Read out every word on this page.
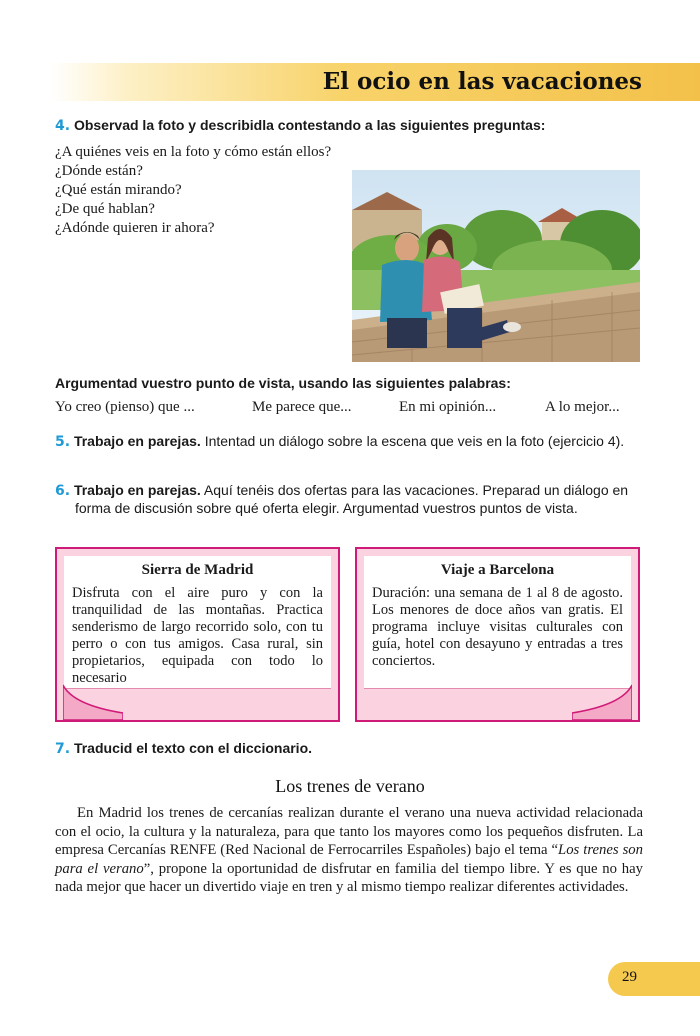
El ocio en las vacaciones
4. Observad la foto y describidla contestando a las siguientes preguntas:
¿A quiénes veis en la foto y cómo están ellos?
¿Dónde están?
¿Qué están mirando?
¿De qué hablan?
¿Adónde quieren ir ahora?
Argumentad vuestro punto de vista, usando las siguientes palabras:
Yo creo (pienso) que ...	Me parece que...	En mi opinión...	A lo mejor...
5. Trabajo en parejas. Intentad un diálogo sobre la escena que veis en la foto (ejercicio 4).
6. Trabajo en parejas. Aquí tenéis dos ofertas para las vacaciones. Preparad un diálogo en forma de discusión sobre qué oferta elegir. Argumentad vuestros puntos de vista.
Sierra de Madrid
Disfruta con el aire puro y con la tranquilidad de las montañas. Practica senderismo de largo recorrido solo, con tu perro o con tus amigos. Casa rural, sin propietarios, equipada con todo lo necesario
Viaje a Barcelona
Duración: una semana de 1 al 8 de agosto. Los menores de doce años van gratis. El programa incluye visitas culturales con guía, hotel con desayuno y entradas a tres conciertos.
7. Traducid el texto con el diccionario.
Los trenes de verano
En Madrid los trenes de cercanías realizan durante el verano una nueva actividad relacionada con el ocio, la cultura y la naturaleza, para que tanto los mayores como los pequeños disfruten. La empresa Cercanías RENFE (Red Nacional de Ferrocarriles Españoles) bajo el tema “Los trenes son para el verano”, propone la oportunidad de disfrutar en familia del tiempo libre. Y es que no hay nada mejor que hacer un divertido viaje en tren y al mismo tiempo realizar diferentes actividades.
29
